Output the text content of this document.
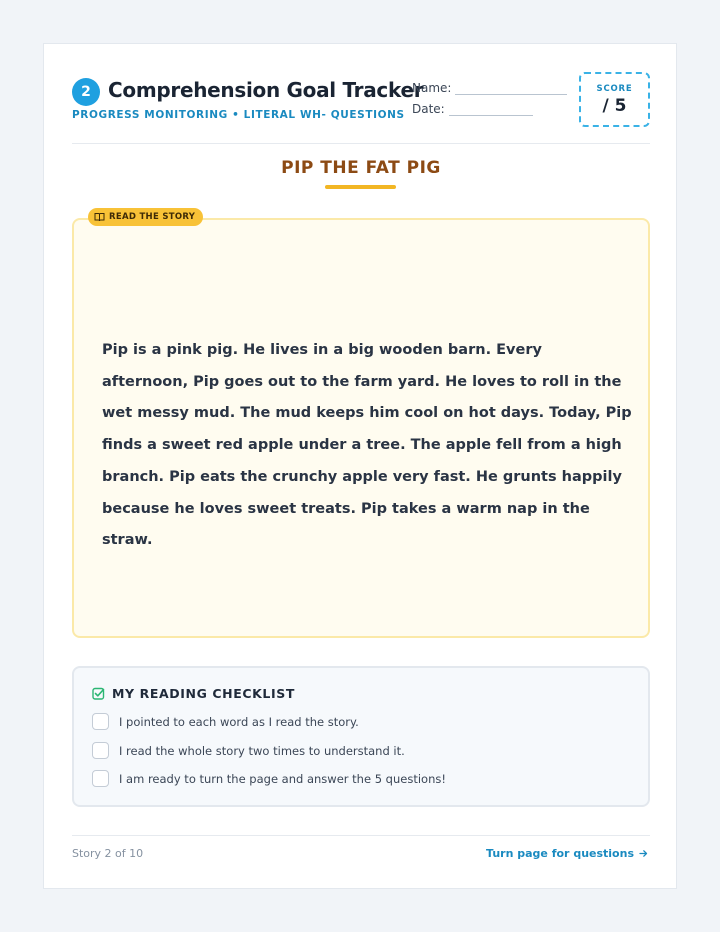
2 Comprehension Goal Tracker
PROGRESS MONITORING • LITERAL WH- QUESTIONS
Name:
Date:
SCORE
/ 5
PIP THE FAT PIG
Pip is a pink pig. He lives in a big wooden barn. Every afternoon, Pip goes out to the farm yard. He loves to roll in the wet messy mud. The mud keeps him cool on hot days. Today, Pip finds a sweet red apple under a tree. The apple fell from a high branch. Pip eats the crunchy apple very fast. He grunts happily because he loves sweet treats. Pip takes a warm nap in the straw.
READ THE STORY
MY READING CHECKLIST
I pointed to each word as I read the story.
I read the whole story two times to understand it.
I am ready to turn the page and answer the 5 questions!
Story 2 of 10	Turn page for questions
